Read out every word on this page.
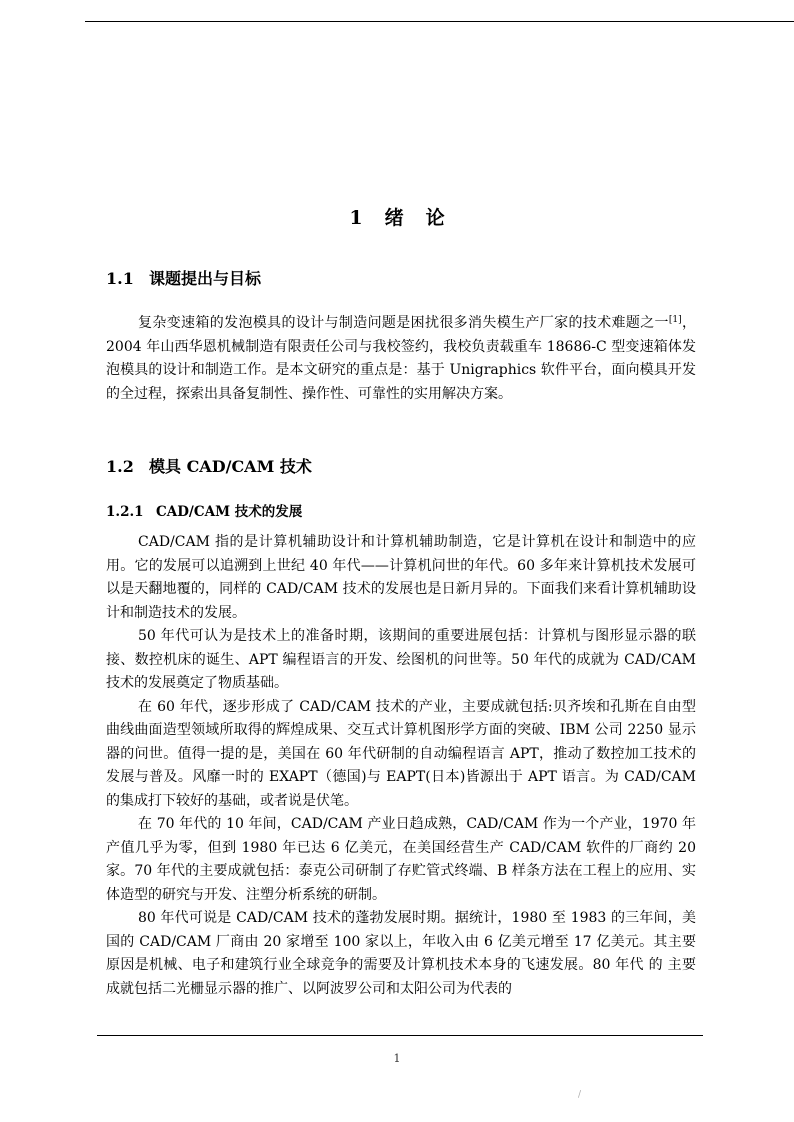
1 绪 论
1.1 课题提出与目标

复杂变速箱的发泡模具的设计与制造问题是困扰很多消失模生产厂家的技术难题之一[1]，2004 年山西华恩机械制造有限责任公司与我校签约，我校负责载重车 18686-C 型变速箱体发泡模具的设计和制造工作。是本文研究的重点是：基于 Unigraphics 软件平台，面向模具开发的全过程，探索出具备复制性、操作性、可靠性的实用解决方案。

1.2 模具 CAD/CAM 技术
1.2.1 CAD/CAM 技术的发展

CAD/CAM 指的是计算机辅助设计和计算机辅助制造，它是计算机在设计和制造中的应用。它的发展可以追溯到上世纪 40 年代——计算机问世的年代。60 多年来计算机技术发展可以是天翻地覆的，同样的 CAD/CAM 技术的发展也是日新月异的。下面我们来看计算机辅助设计和制造技术的发展。

50 年代可认为是技术上的准备时期，该期间的重要进展包括：计算机与图形显示器的联接、数控机床的诞生、APT 编程语言的开发、绘图机的问世等。50 年代的成就为 CAD/CAM 技术的发展奠定了物质基础。

在 60 年代，逐步形成了 CAD/CAM 技术的产业，主要成就包括:贝齐埃和孔斯在自由型曲线曲面造型领域所取得的辉煌成果、交互式计算机图形学方面的突破、IBM 公司 2250 显示器的问世。值得一提的是，美国在 60 年代研制的自动编程语言 APT，推动了数控加工技术的发展与普及。风靡一时的 EXAPT（德国)与 EAPT(日本)皆源出于 APT 语言。为 CAD/CAM 的集成打下较好的基础，或者说是伏笔。

在 70 年代的 10 年间，CAD/CAM 产业日趋成熟，CAD/CAM 作为一个产业，1970 年产值几乎为零，但到 1980 年已达 6 亿美元，在美国经营生产 CAD/CAM 软件的厂商约 20 家。70 年代的主要成就包括：泰克公司研制了存贮管式终端、B 样条方法在工程上的应用、实体造型的研究与开发、注塑分析系统的研制。

80 年代可说是 CAD/CAM 技术的蓬勃发展时期。据统计，1980 至 1983 的三年间，美国的 CAD/CAM 厂商由 20 家增至 100 家以上，年收入由 6 亿美元增至 17 亿美元。其主要原因是机械、电子和建筑行业全球竞争的需要及计算机技术本身的飞速发展。80 年代 的 主要成就包括二光栅显示器的推广、以阿波罗公司和太阳公司为代表的

1
/
